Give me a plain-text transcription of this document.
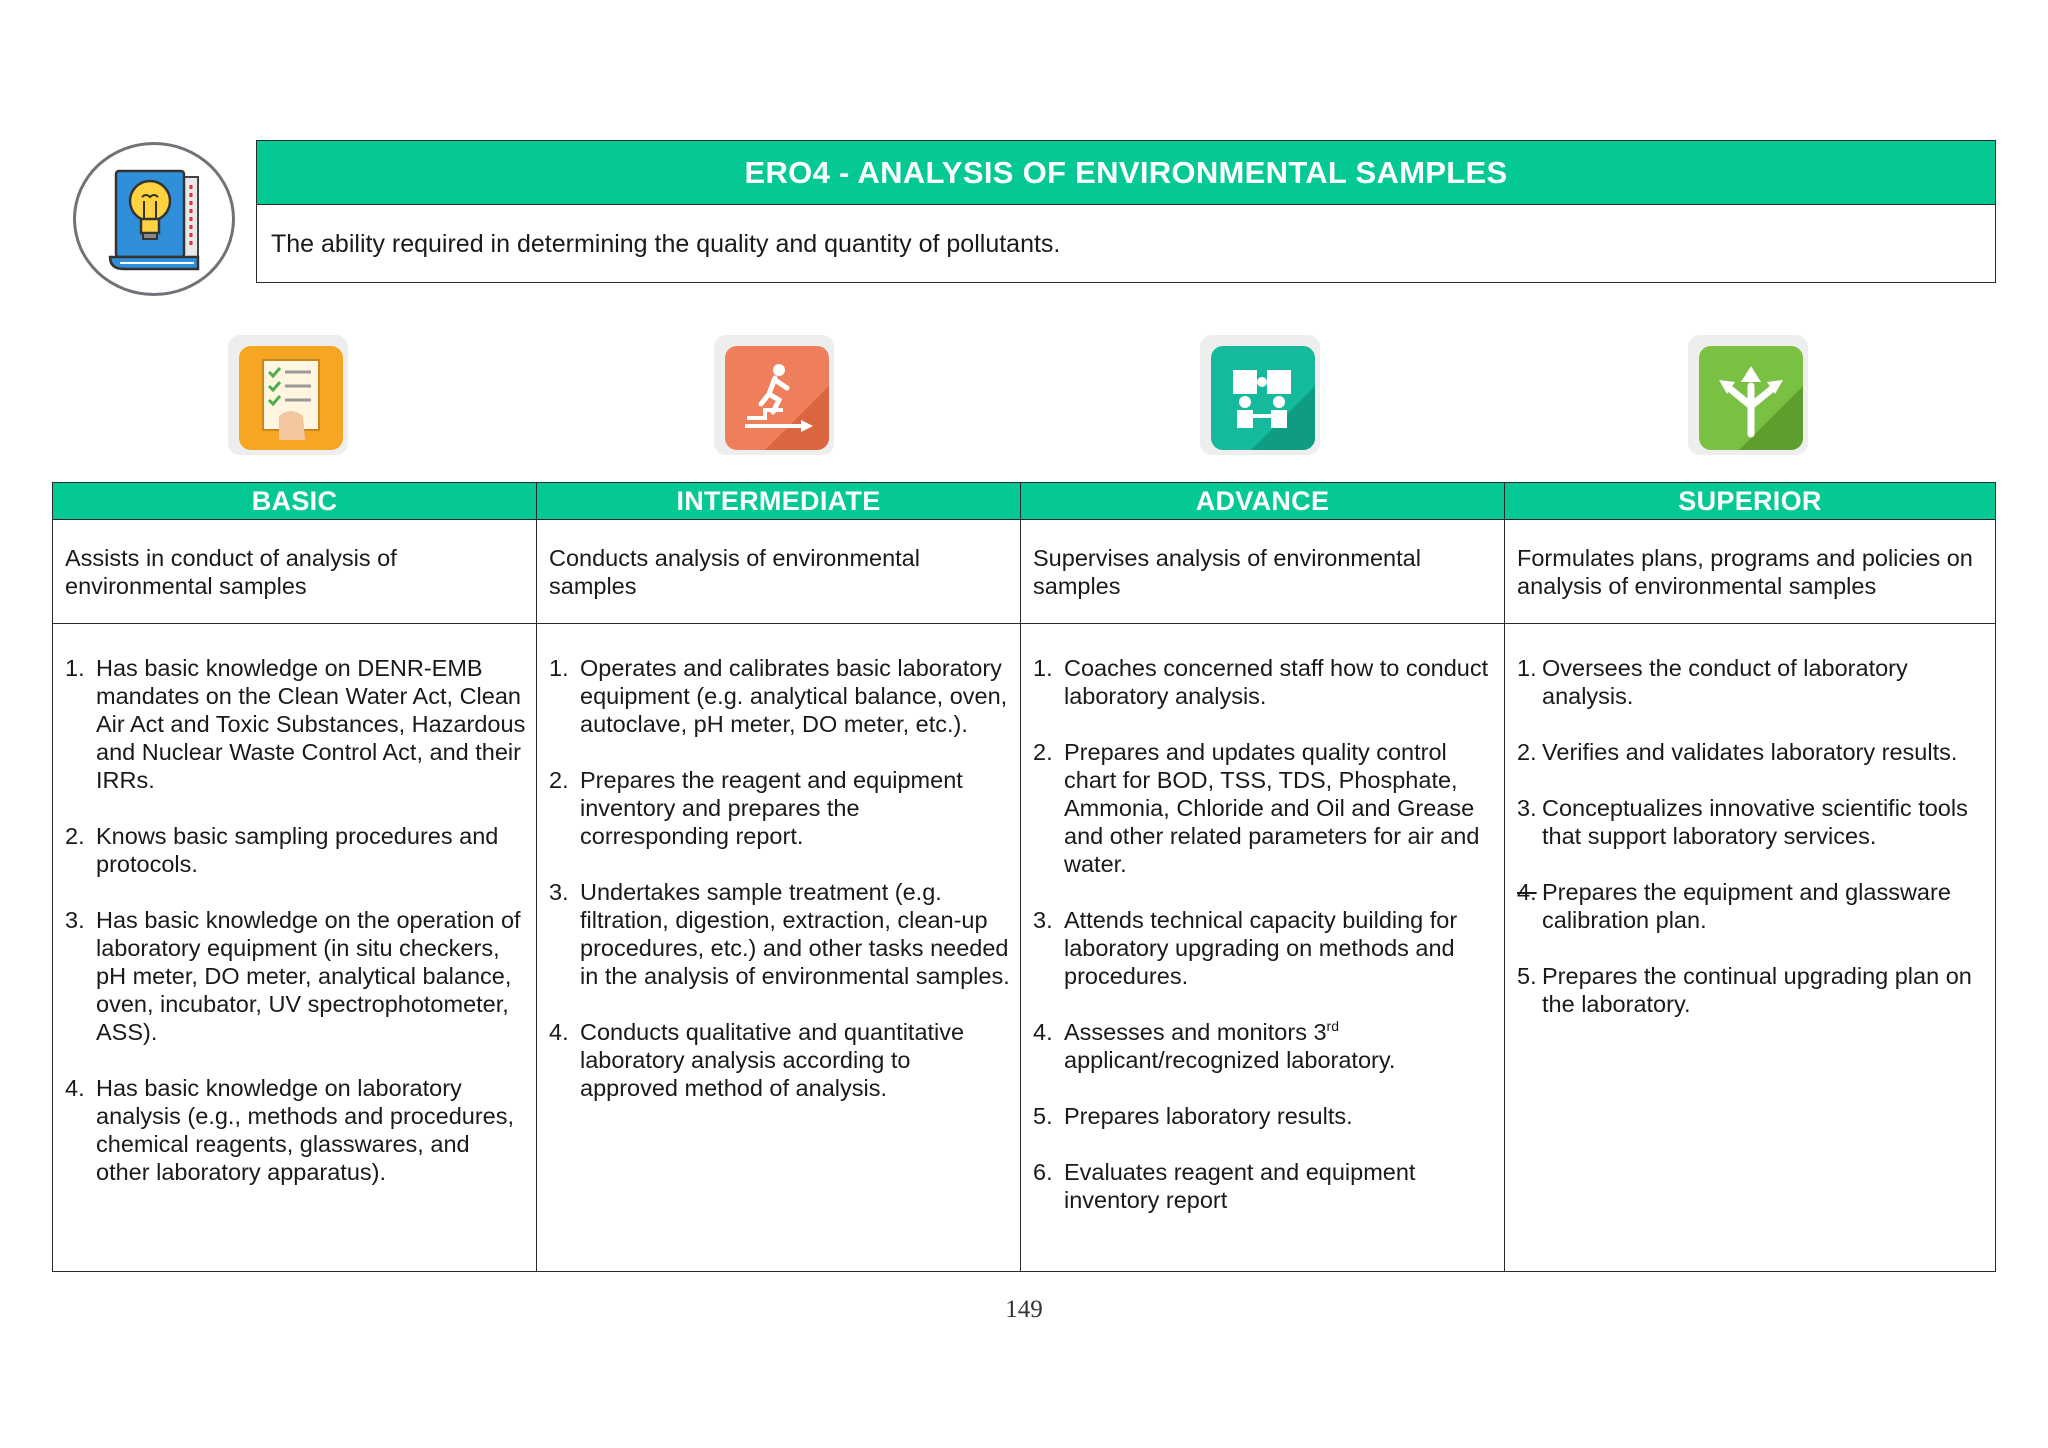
ERO4 - ANALYSIS OF ENVIRONMENTAL SAMPLES
The ability required in determining the quality and quantity of pollutants.
BASIC
Assists in conduct of analysis of environmental samples
1. Has basic knowledge on DENR-EMB mandates on the Clean Water Act, Clean Air Act and Toxic Substances, Hazardous and Nuclear Waste Control Act, and their IRRs.
2. Knows basic sampling procedures and protocols.
3. Has basic knowledge on the operation of laboratory equipment (in situ checkers, pH meter, DO meter, analytical balance, oven, incubator, UV spectrophotometer, ASS).
4. Has basic knowledge on laboratory analysis (e.g., methods and procedures, chemical reagents, glasswares, and other laboratory apparatus).
INTERMEDIATE
Conducts analysis of environmental samples
1. Operates and calibrates basic laboratory equipment (e.g. analytical balance, oven, autoclave, pH meter, DO meter, etc.).
2. Prepares the reagent and equipment inventory and prepares the corresponding report.
3. Undertakes sample treatment (e.g. filtration, digestion, extraction, clean-up procedures, etc.) and other tasks needed in the analysis of environmental samples.
4. Conducts qualitative and quantitative laboratory analysis according to approved method of analysis.
ADVANCE
Supervises analysis of environmental samples
1. Coaches concerned staff how to conduct laboratory analysis.
2. Prepares and updates quality control chart for BOD, TSS, TDS, Phosphate, Ammonia, Chloride and Oil and Grease and other related parameters for air and water.
3. Attends technical capacity building for laboratory upgrading on methods and procedures.
4. Assesses and monitors 3rd applicant/recognized laboratory.
5. Prepares laboratory results.
6. Evaluates reagent and equipment inventory report
SUPERIOR
Formulates plans, programs and policies on analysis of environmental samples
1. Oversees the conduct of laboratory analysis.
2. Verifies and validates laboratory results.
3. Conceptualizes innovative scientific tools that support laboratory services.
4. Prepares the equipment and glassware calibration plan.
5. Prepares the continual upgrading plan on the laboratory.
149
